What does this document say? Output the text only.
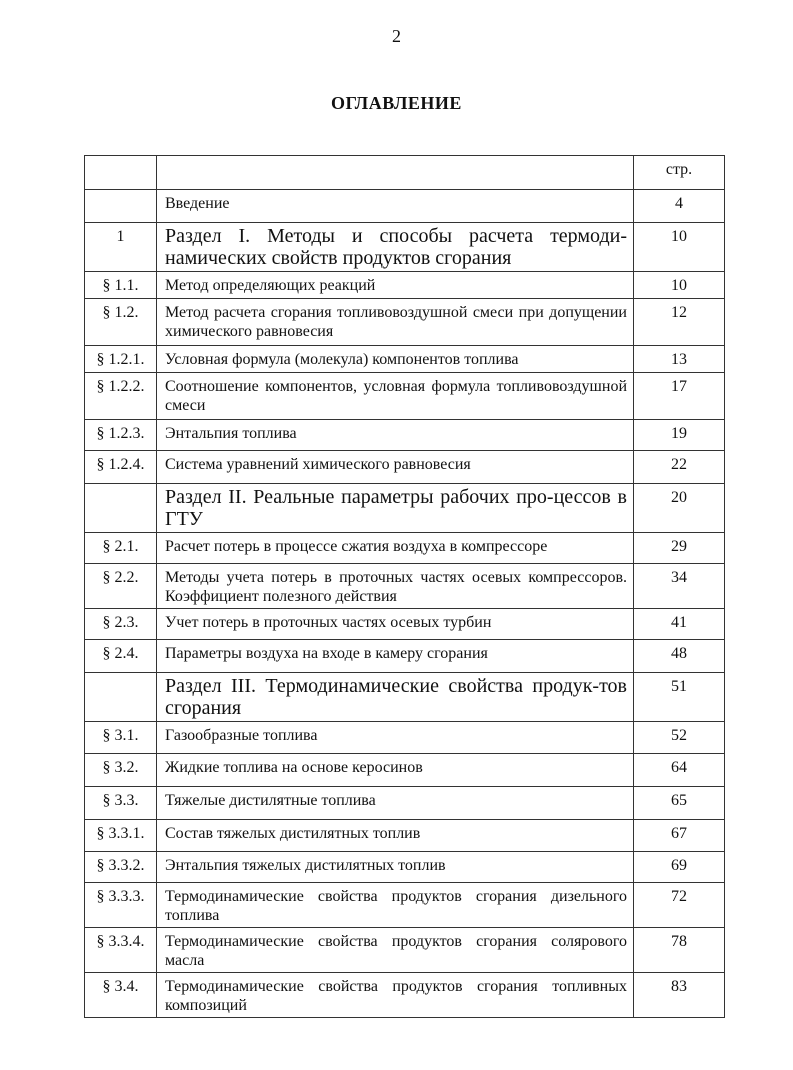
2
ОГЛАВЛЕНИЕ
		стр.
	Введение	4
1	Раздел I. Методы и способы расчета термоди-намических свойств продуктов сгорания	10
§ 1.1.	Метод определяющих реакций	10
§ 1.2.	Метод расчета сгорания топливовоздушной смеси при допущении химического равновесия	12
§ 1.2.1.	Условная формула (молекула) компонентов топлива	13
§ 1.2.2.	Соотношение компонентов, условная формула топливовоздушной смеси	17
§ 1.2.3.	Энтальпия топлива	19
§ 1.2.4.	Система уравнений химического равновесия	22
	Раздел II. Реальные параметры рабочих про-цессов в ГТУ	20
§ 2.1.	Расчет потерь в процессе сжатия воздуха в компрессоре	29
§ 2.2.	Методы учета потерь в проточных частях осевых компрессоров. Коэффициент полезного действия	34
§ 2.3.	Учет потерь в проточных частях осевых турбин	41
§ 2.4.	Параметры воздуха на входе в камеру сгорания	48
	Раздел III. Термодинамические свойства продук-тов сгорания	51
§ 3.1.	Газообразные топлива	52
§ 3.2.	Жидкие топлива на основе керосинов	64
§ 3.3.	Тяжелые дистилятные топлива	65
§ 3.3.1.	Состав тяжелых дистилятных топлив	67
§ 3.3.2.	Энтальпия тяжелых дистилятных топлив	69
§ 3.3.3.	Термодинамические свойства продуктов сгорания дизельного топлива	72
§ 3.3.4.	Термодинамические свойства продуктов сгорания солярового масла	78
§ 3.4.	Термодинамические свойства продуктов сгорания топливных композиций	83
